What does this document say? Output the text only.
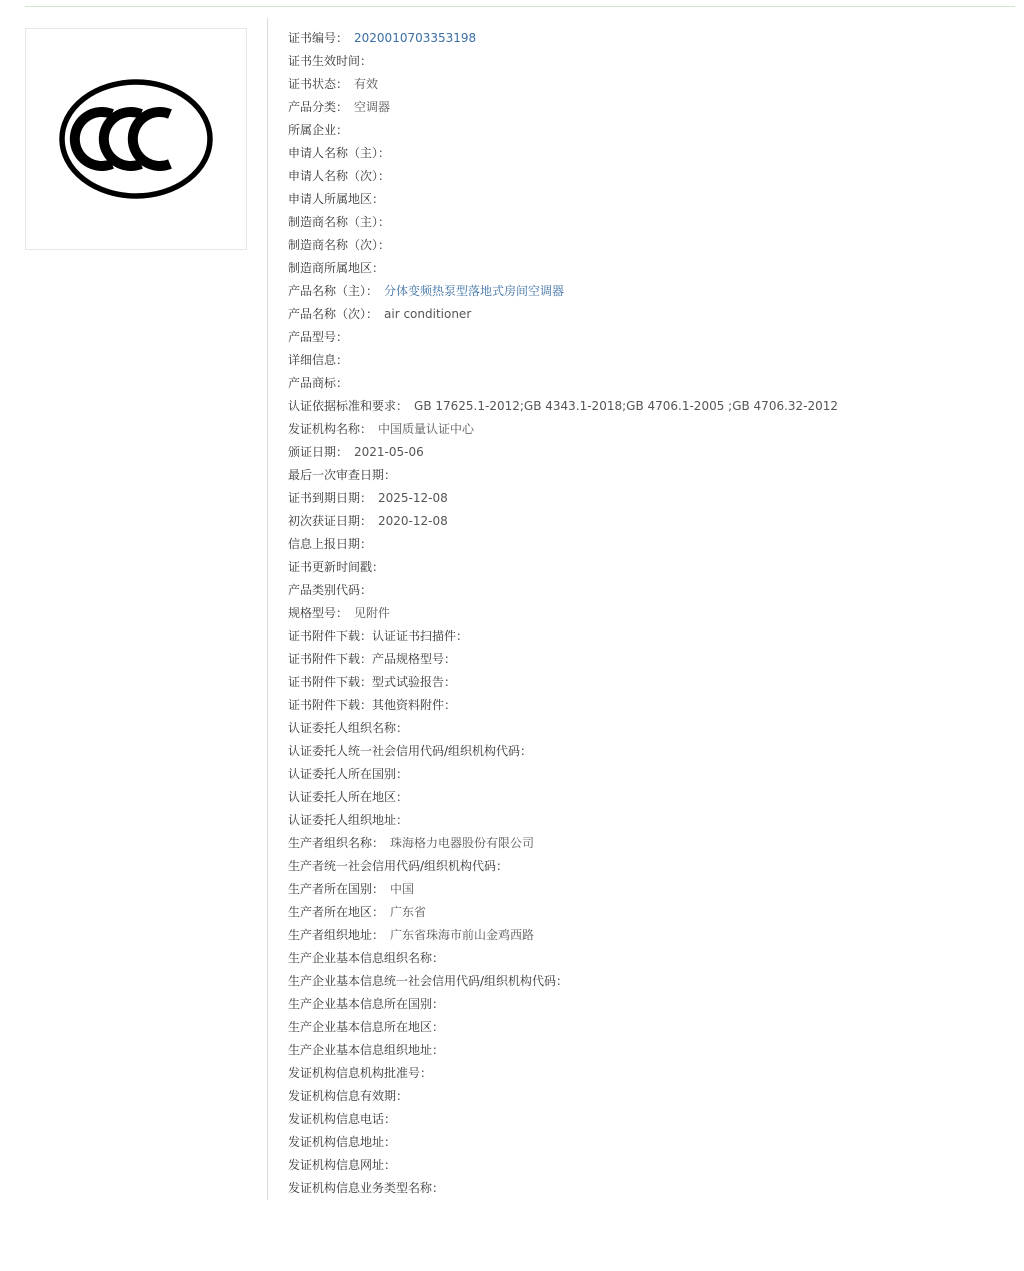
证书编号： 2020010703353198
证书生效时间：
证书状态： 有效
产品分类： 空调器
所属企业：
申请人名称（主）：
申请人名称（次）：
申请人所属地区：
制造商名称（主）：
制造商名称（次）：
制造商所属地区：
产品名称（主）： 分体变频热泵型落地式房间空调器
产品名称（次）： air conditioner
产品型号：
详细信息：
产品商标：
认证依据标准和要求： GB 17625.1-2012;GB 4343.1-2018;GB 4706.1-2005 ;GB 4706.32-2012
发证机构名称： 中国质量认证中心
颁证日期： 2021-05-06
最后一次审查日期：
证书到期日期： 2025-12-08
初次获证日期： 2020-12-08
信息上报日期：
证书更新时间戳：
产品类别代码：
规格型号： 见附件
证书附件下载：认证证书扫描件：
证书附件下载：产品规格型号：
证书附件下载：型式试验报告：
证书附件下载：其他资料附件：
认证委托人组织名称：
认证委托人统一社会信用代码/组织机构代码：
认证委托人所在国别：
认证委托人所在地区：
认证委托人组织地址：
生产者组织名称： 珠海格力电器股份有限公司
生产者统一社会信用代码/组织机构代码：
生产者所在国别： 中国
生产者所在地区： 广东省
生产者组织地址： 广东省珠海市前山金鸡西路
生产企业基本信息组织名称：
生产企业基本信息统一社会信用代码/组织机构代码：
生产企业基本信息所在国别：
生产企业基本信息所在地区：
生产企业基本信息组织地址：
发证机构信息机构批准号：
发证机构信息有效期：
发证机构信息电话：
发证机构信息地址：
发证机构信息网址：
发证机构信息业务类型名称：
